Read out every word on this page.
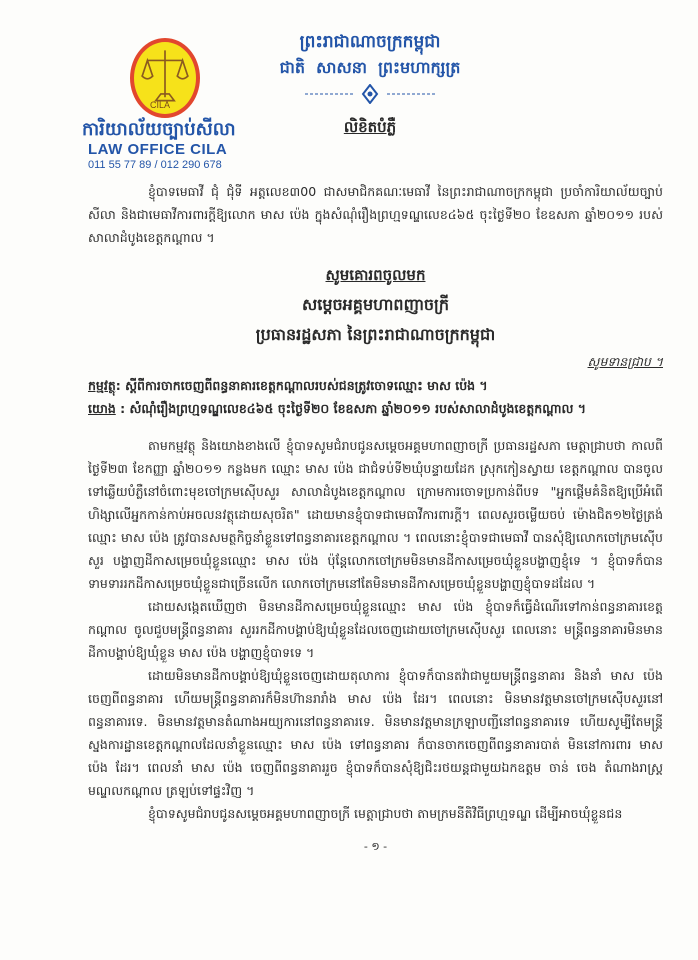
CILA
ការិយាល័យច្បាប់សីលា
LAW OFFICE CILA
011 55 77 89 / 012 290 678
ព្រះរាជាណាចក្រកម្ពុជា
ជាតិ  សាសនា  ព្រះមហាក្សត្រ
លិខិតបំភ្លឺ

ខ្ញុំបាទមេធាវី ជុំ ជុំទី អត្តលេខ៣00 ជាសមាជិកគណៈមេធាវី នៃព្រះរាជាណាចក្រកម្ពុជា ប្រចាំការិយាល័យច្បាប់ សីលា និងជាមេធាវីការពារក្តីឱ្យលោក មាស ប៉េង ក្នុងសំណុំរឿងព្រហ្មទណ្ឌលេខ៤៦៥ ចុះថ្ងៃទី២០ ខែឧសភា ឆ្នាំ២០១១ របស់សាលាដំបូងខេត្តកណ្តាល ។

សូមគោរពចូលមក
សម្តេចអគ្គមហាពញាចក្រី
ប្រធានរដ្ឋសភា នៃព្រះរាជាណាចក្រកម្ពុជា
សូមទានជ្រាប ។

កម្មវត្ថុ: ស្តីពីការចាកចេញពីពន្ធនាគារខេត្តកណ្តាលរបស់ជនត្រូវចោទឈ្មោះ មាស ប៉េង ។

យោង : សំណុំរឿងព្រហ្មទណ្ឌលេខ៤៦៥ ចុះថ្ងៃទី២០ ខែឧសភា ឆ្នាំ២០១១ របស់សាលាដំបូងខេត្តកណ្តាល ។

តាមកម្មវត្ថុ និងយោងខាងលើ ខ្ញុំបាទសូមជំរាបជូនសម្តេចអគ្គមហាពញាចក្រី ប្រធានរដ្ឋសភា មេត្តាជ្រាបថា កាលពីថ្ងៃទី២៣ ខែកញ្ញា ឆ្នាំ២០១១ កន្លងមក ឈ្មោះ មាស ប៉េង ជាជំទប់ទី២ឃុំបន្ទាយដែក ស្រុកកៀនស្វាយ ខេត្តកណ្តាល បានចូលទៅឆ្លើយបំភ្លឺនៅចំពោះមុខចៅក្រមស៊ើបសួរ សាលាដំបូងខេត្តកណ្តាល ក្រោមការចោទប្រកាន់ពីបទ "អ្នកផ្តើមគំនិតឱ្យប្រើអំពើហិង្សាលើអ្នកកាន់កាប់អចលនវត្ថុដោយសុចរិត" ដោយមានខ្ញុំបាទជាមេធាវីការពារក្តី។ ពេលសួរចម្លើយចប់ ម៉ោងជិត១២ថ្ងៃត្រង់ ឈ្មោះ មាស ប៉េង ត្រូវបានសមត្ថកិច្ចនាំខ្លួនទៅពន្ធនាគារខេត្តកណ្តាល ។ ពេលនោះខ្ញុំបាទជាមេធាវី បានសុំឱ្យលោកចៅក្រមស៊ើបសួរ បង្ហាញដីកាសម្រេចឃុំខ្លួនឈ្មោះ មាស ប៉េង ប៉ុន្តែលោកចៅក្រមមិនមានដីកាសម្រេចឃុំខ្លួនបង្ហាញខ្ញុំទេ ។ ខ្ញុំបាទក៏បានទាមទាររកដីកាសម្រេចឃុំខ្លួនជាច្រើនលើក លោកចៅក្រមនៅតែមិនមានដីកាសម្រេចឃុំខ្លួនបង្ហាញខ្ញុំបាទដដែល ។

ដោយសង្កេតឃើញថា មិនមានដីកាសម្រេចឃុំខ្លួនឈ្មោះ មាស ប៉េង ខ្ញុំបាទក៏ធ្វើដំណើរទៅកាន់ពន្ធនាគារខេត្តកណ្តាល ចូលជួបមន្ត្រីពន្ធនាគារ សួររកដីកាបង្គាប់ឱ្យឃុំខ្លួនដែលចេញដោយចៅក្រមស៊ើបសួរ ពេលនោះ មន្ត្រីពន្ធនាគារមិនមានដីកាបង្គាប់ឱ្យឃុំខ្លួន មាស ប៉េង បង្ហាញខ្ញុំបាទទេ ។

ដោយមិនមានដីកាបង្គាប់ឱ្យឃុំខ្លួនចេញដោយតុលាការ ខ្ញុំបាទក៏បានតវ៉ាជាមួយមន្ត្រីពន្ធនាគារ និងនាំ មាស ប៉េង ចេញពីពន្ធនាគារ ហើយមន្ត្រីពន្ធនាគារក៏មិនហ៊ានរារាំង មាស ប៉េង ដែរ។ ពេលនោះ មិនមានវត្តមានចៅក្រមស៊ើបសួរនៅពន្ធនាគារទេ. មិនមានវត្តមានតំណាងអយ្យការនៅពន្ធនាគារទេ. មិនមានវត្តមានក្រឡាបញ្ជីនៅពន្ធនាគារទេ ហើយសូម្បីតែមន្ត្រីស្នងការដ្ឋានខេត្តកណ្តាលដែលនាំខ្លួនឈ្មោះ មាស ប៉េង ទៅពន្ធនាគារ ក៏បានចាកចេញពីពន្ធនាគារបាត់ មិននៅការពារ មាស ប៉េង ដែរ។ ពេលនាំ មាស ប៉េង ចេញពីពន្ធនាគាររួច ខ្ញុំបាទក៏បានសុំឱ្យជិះរថយន្តជាមួយឯកឧត្តម ចាន់ ចេង តំណាងរាស្ត្រមណ្ឌលកណ្តាល ត្រឡប់ទៅផ្ទះវិញ ។

ខ្ញុំបាទសូមជំរាបជូនសម្តេចអគ្គមហាពញាចក្រី មេត្តាជ្រាបថា តាមក្រមនីតិវិធីព្រហ្មទណ្ឌ ដើម្បីអាចឃុំខ្លួនជន

- ១ -
